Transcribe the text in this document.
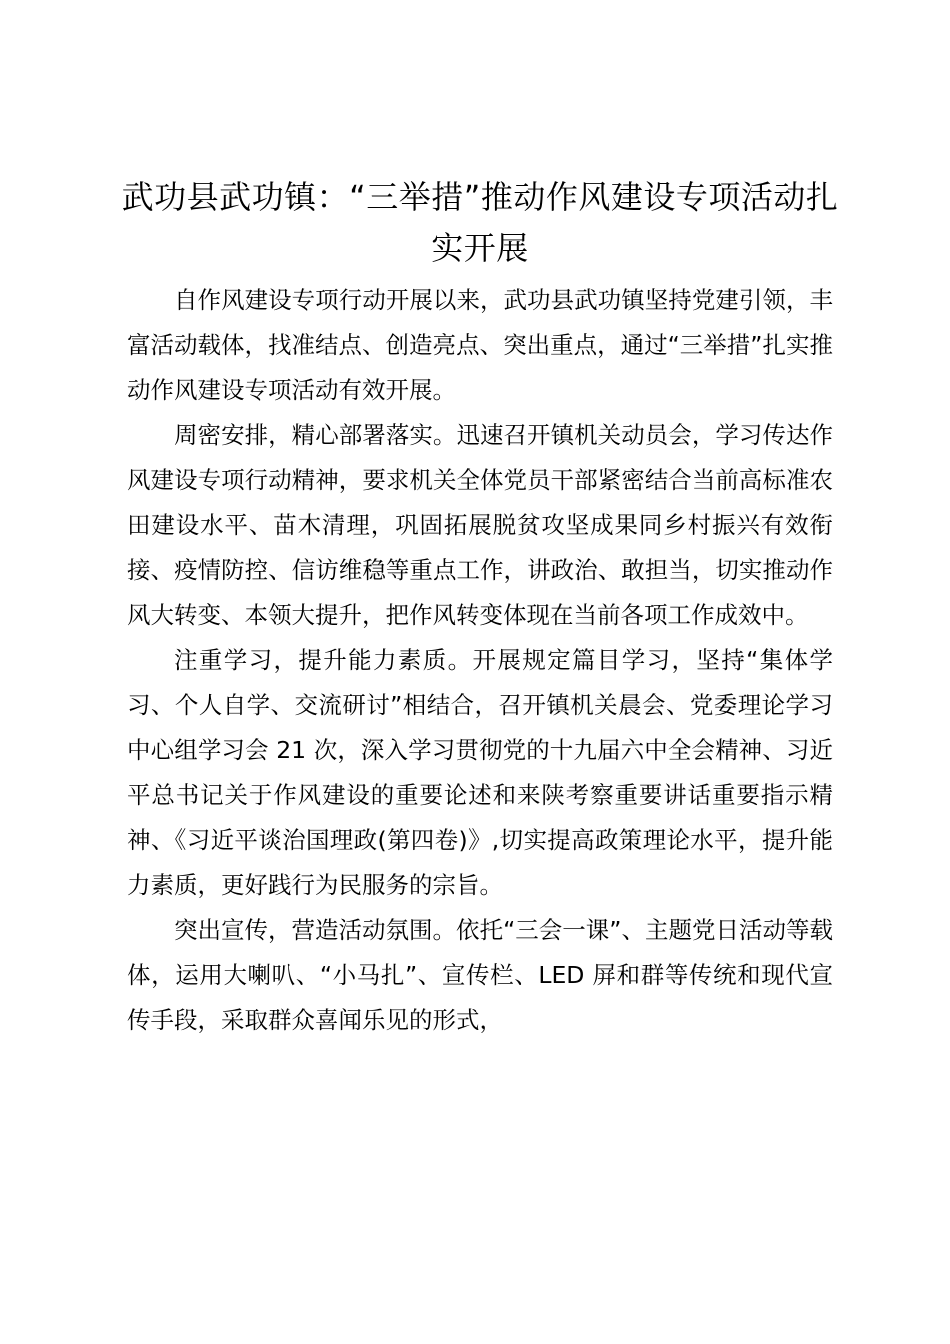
武功县武功镇：“三举措”推动作风建设专项活动扎实开展

自作风建设专项行动开展以来，武功县武功镇坚持党建引领，丰富活动载体，找准结点、创造亮点、突出重点，通过“三举措”扎实推动作风建设专项活动有效开展。

周密安排，精心部署落实。迅速召开镇机关动员会，学习传达作风建设专项行动精神，要求机关全体党员干部紧密结合当前高标准农田建设水平、苗木清理，巩固拓展脱贫攻坚成果同乡村振兴有效衔接、疫情防控、信访维稳等重点工作，讲政治、敢担当，切实推动作风大转变、本领大提升，把作风转变体现在当前各项工作成效中。

注重学习，提升能力素质。开展规定篇目学习，坚持“集体学习、个人自学、交流研讨”相结合，召开镇机关晨会、党委理论学习中心组学习会 21 次，深入学习贯彻党的十九届六中全会精神、习近平总书记关于作风建设的重要论述和来陕考察重要讲话重要指示精神、《习近平谈治国理政(第四卷)》,切实提高政策理论水平，提升能力素质，更好践行为民服务的宗旨。

突出宣传，营造活动氛围。依托“三会一课”、主题党日活动等载体，运用大喇叭、“小马扎”、宣传栏、LED 屏和群等传统和现代宣传手段，采取群众喜闻乐见的形式，
